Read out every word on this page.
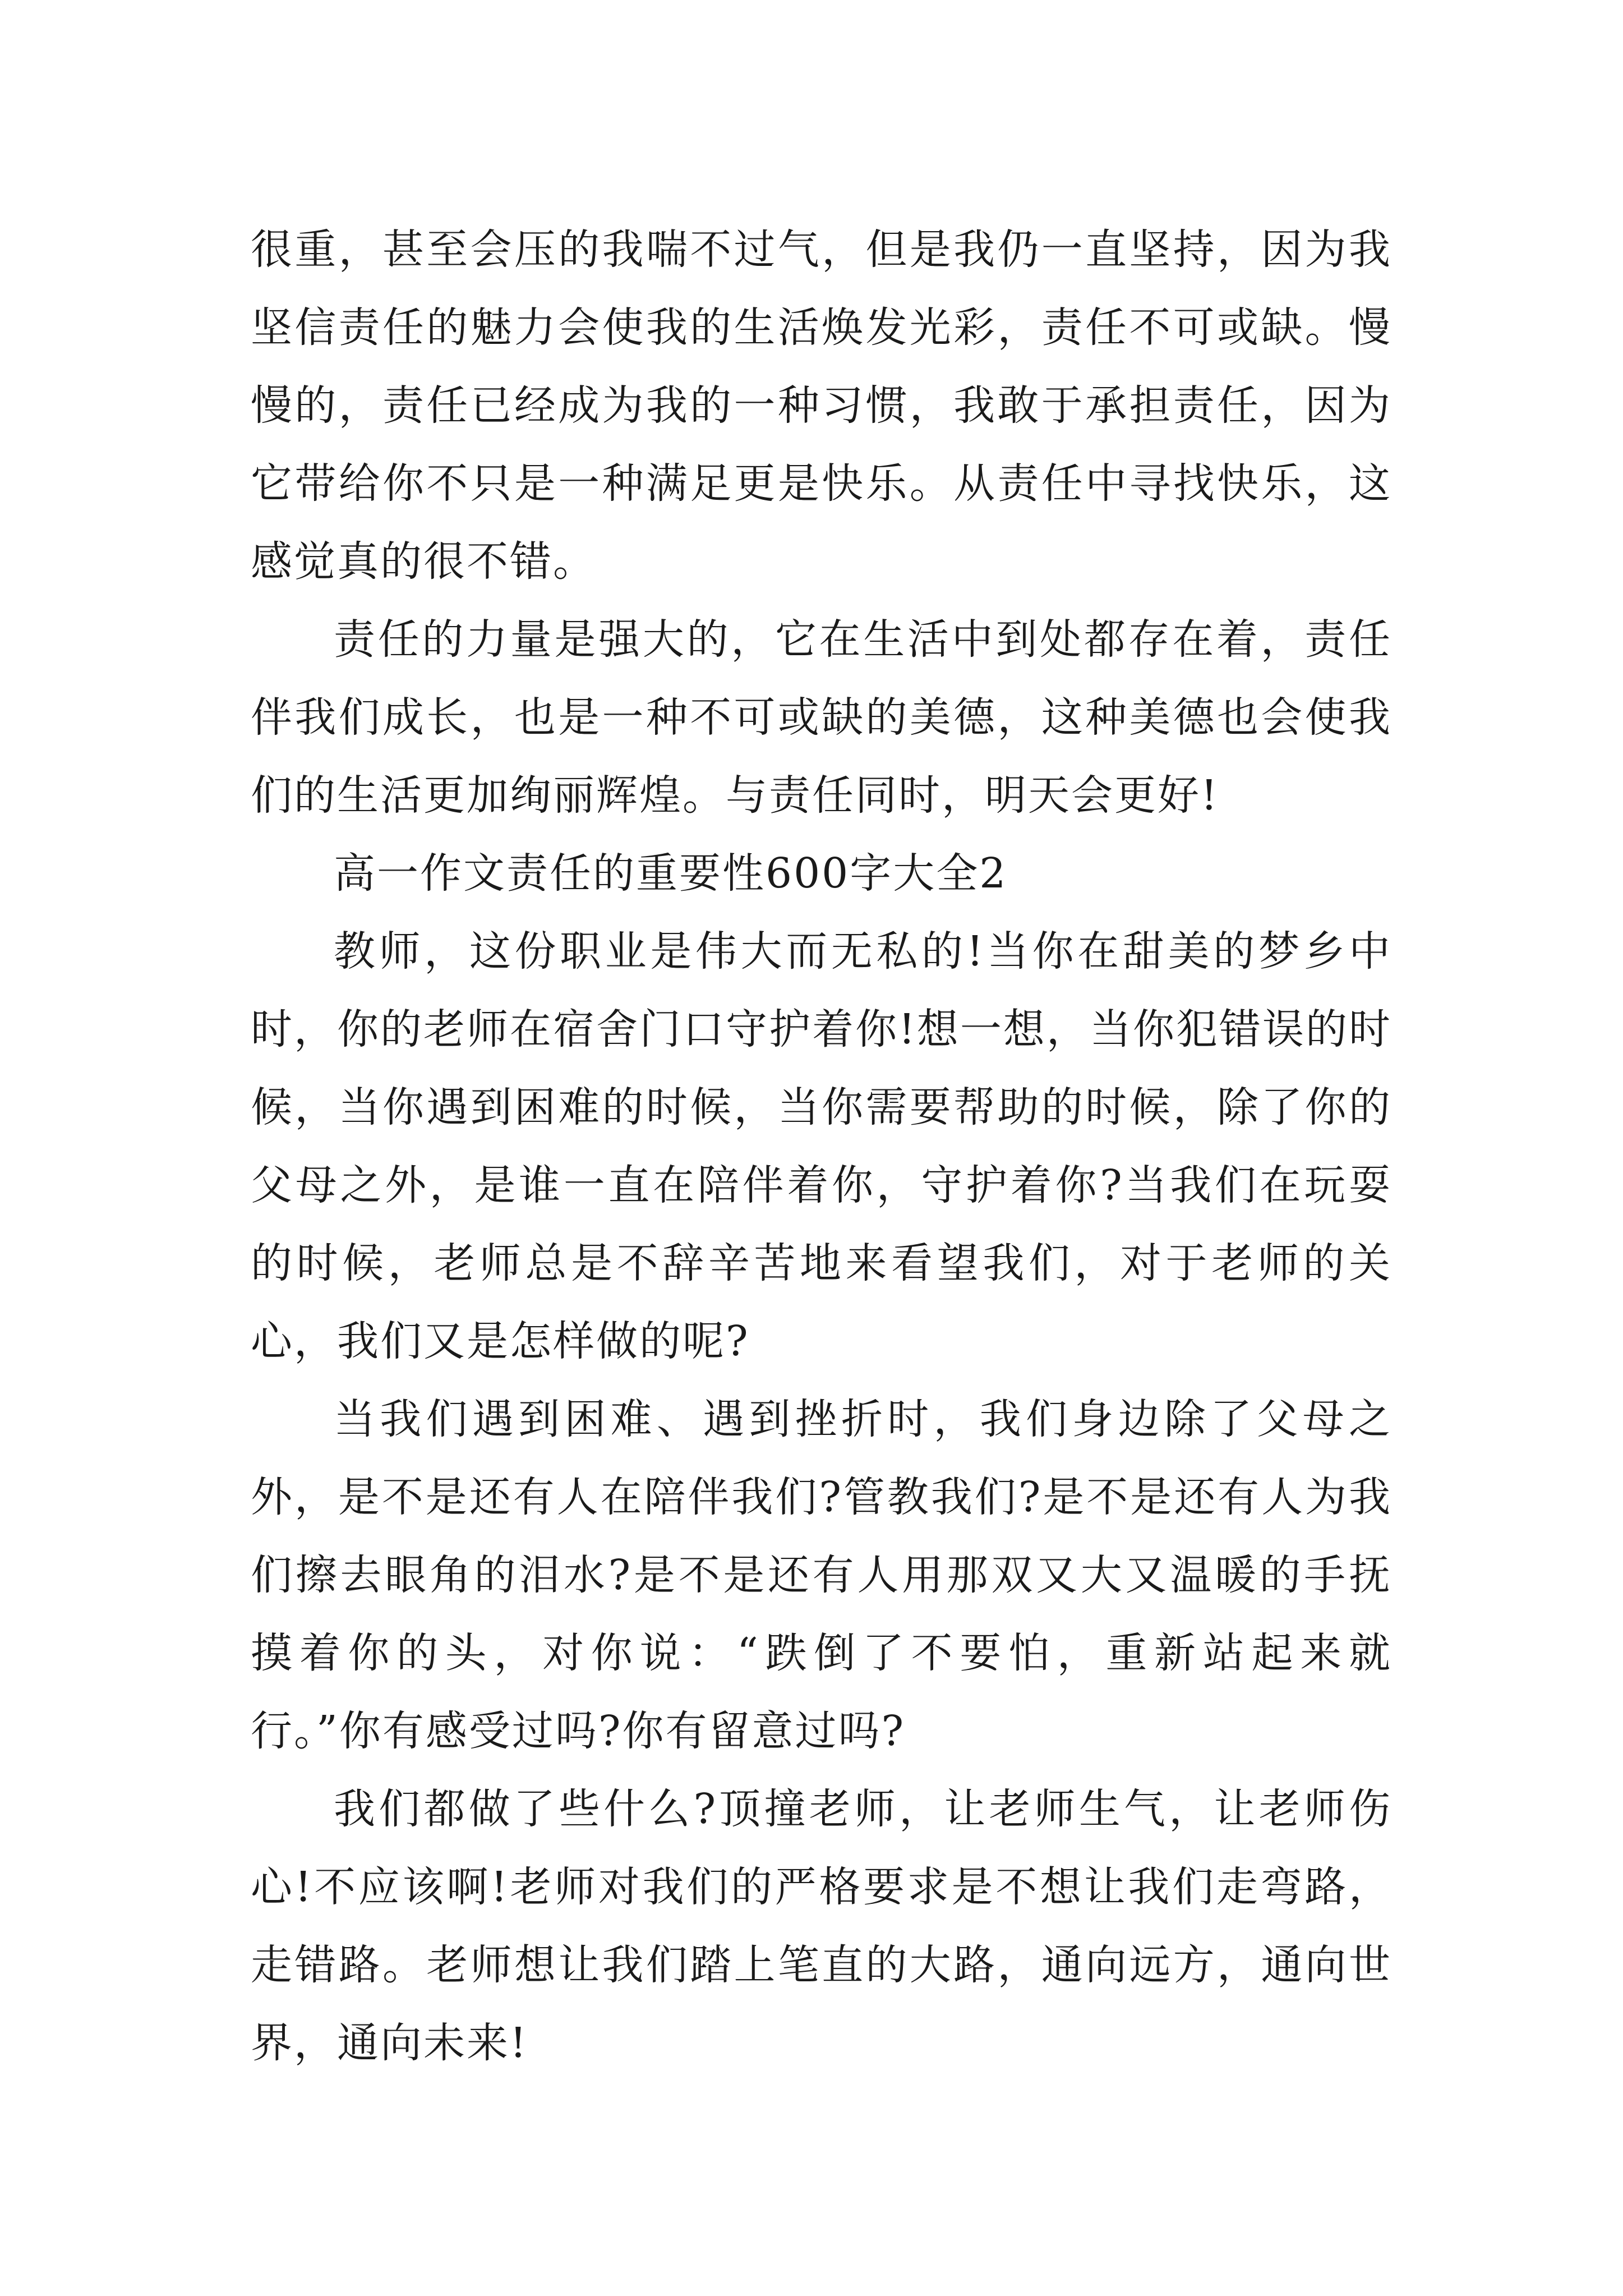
很重，甚至会压的我喘不过气，但是我仍一直坚持，因为我坚信责任的魅力会使我的生活焕发光彩，责任不可或缺。慢慢的，责任已经成为我的一种习惯，我敢于承担责任，因为它带给你不只是一种满足更是快乐。从责任中寻找快乐，这感觉真的很不错。

责任的力量是强大的，它在生活中到处都存在着，责任伴我们成长，也是一种不可或缺的美德，这种美德也会使我们的生活更加绚丽辉煌。与责任同时，明天会更好!

高一作文责任的重要性600字大全2

教师，这份职业是伟大而无私的!当你在甜美的梦乡中时，你的老师在宿舍门口守护着你!想一想，当你犯错误的时候，当你遇到困难的时候，当你需要帮助的时候，除了你的父母之外，是谁一直在陪伴着你，守护着你?当我们在玩耍的时候，老师总是不辞辛苦地来看望我们，对于老师的关心，我们又是怎样做的呢?

当我们遇到困难、遇到挫折时，我们身边除了父母之外，是不是还有人在陪伴我们?管教我们?是不是还有人为我们擦去眼角的泪水?是不是还有人用那双又大又温暖的手抚摸着你的头，对你说：“跌倒了不要怕，重新站起来就行。”你有感受过吗?你有留意过吗?

我们都做了些什么?顶撞老师，让老师生气，让老师伤心!不应该啊!老师对我们的严格要求是不想让我们走弯路，走错路。老师想让我们踏上笔直的大路，通向远方，通向世界，通向未来!
